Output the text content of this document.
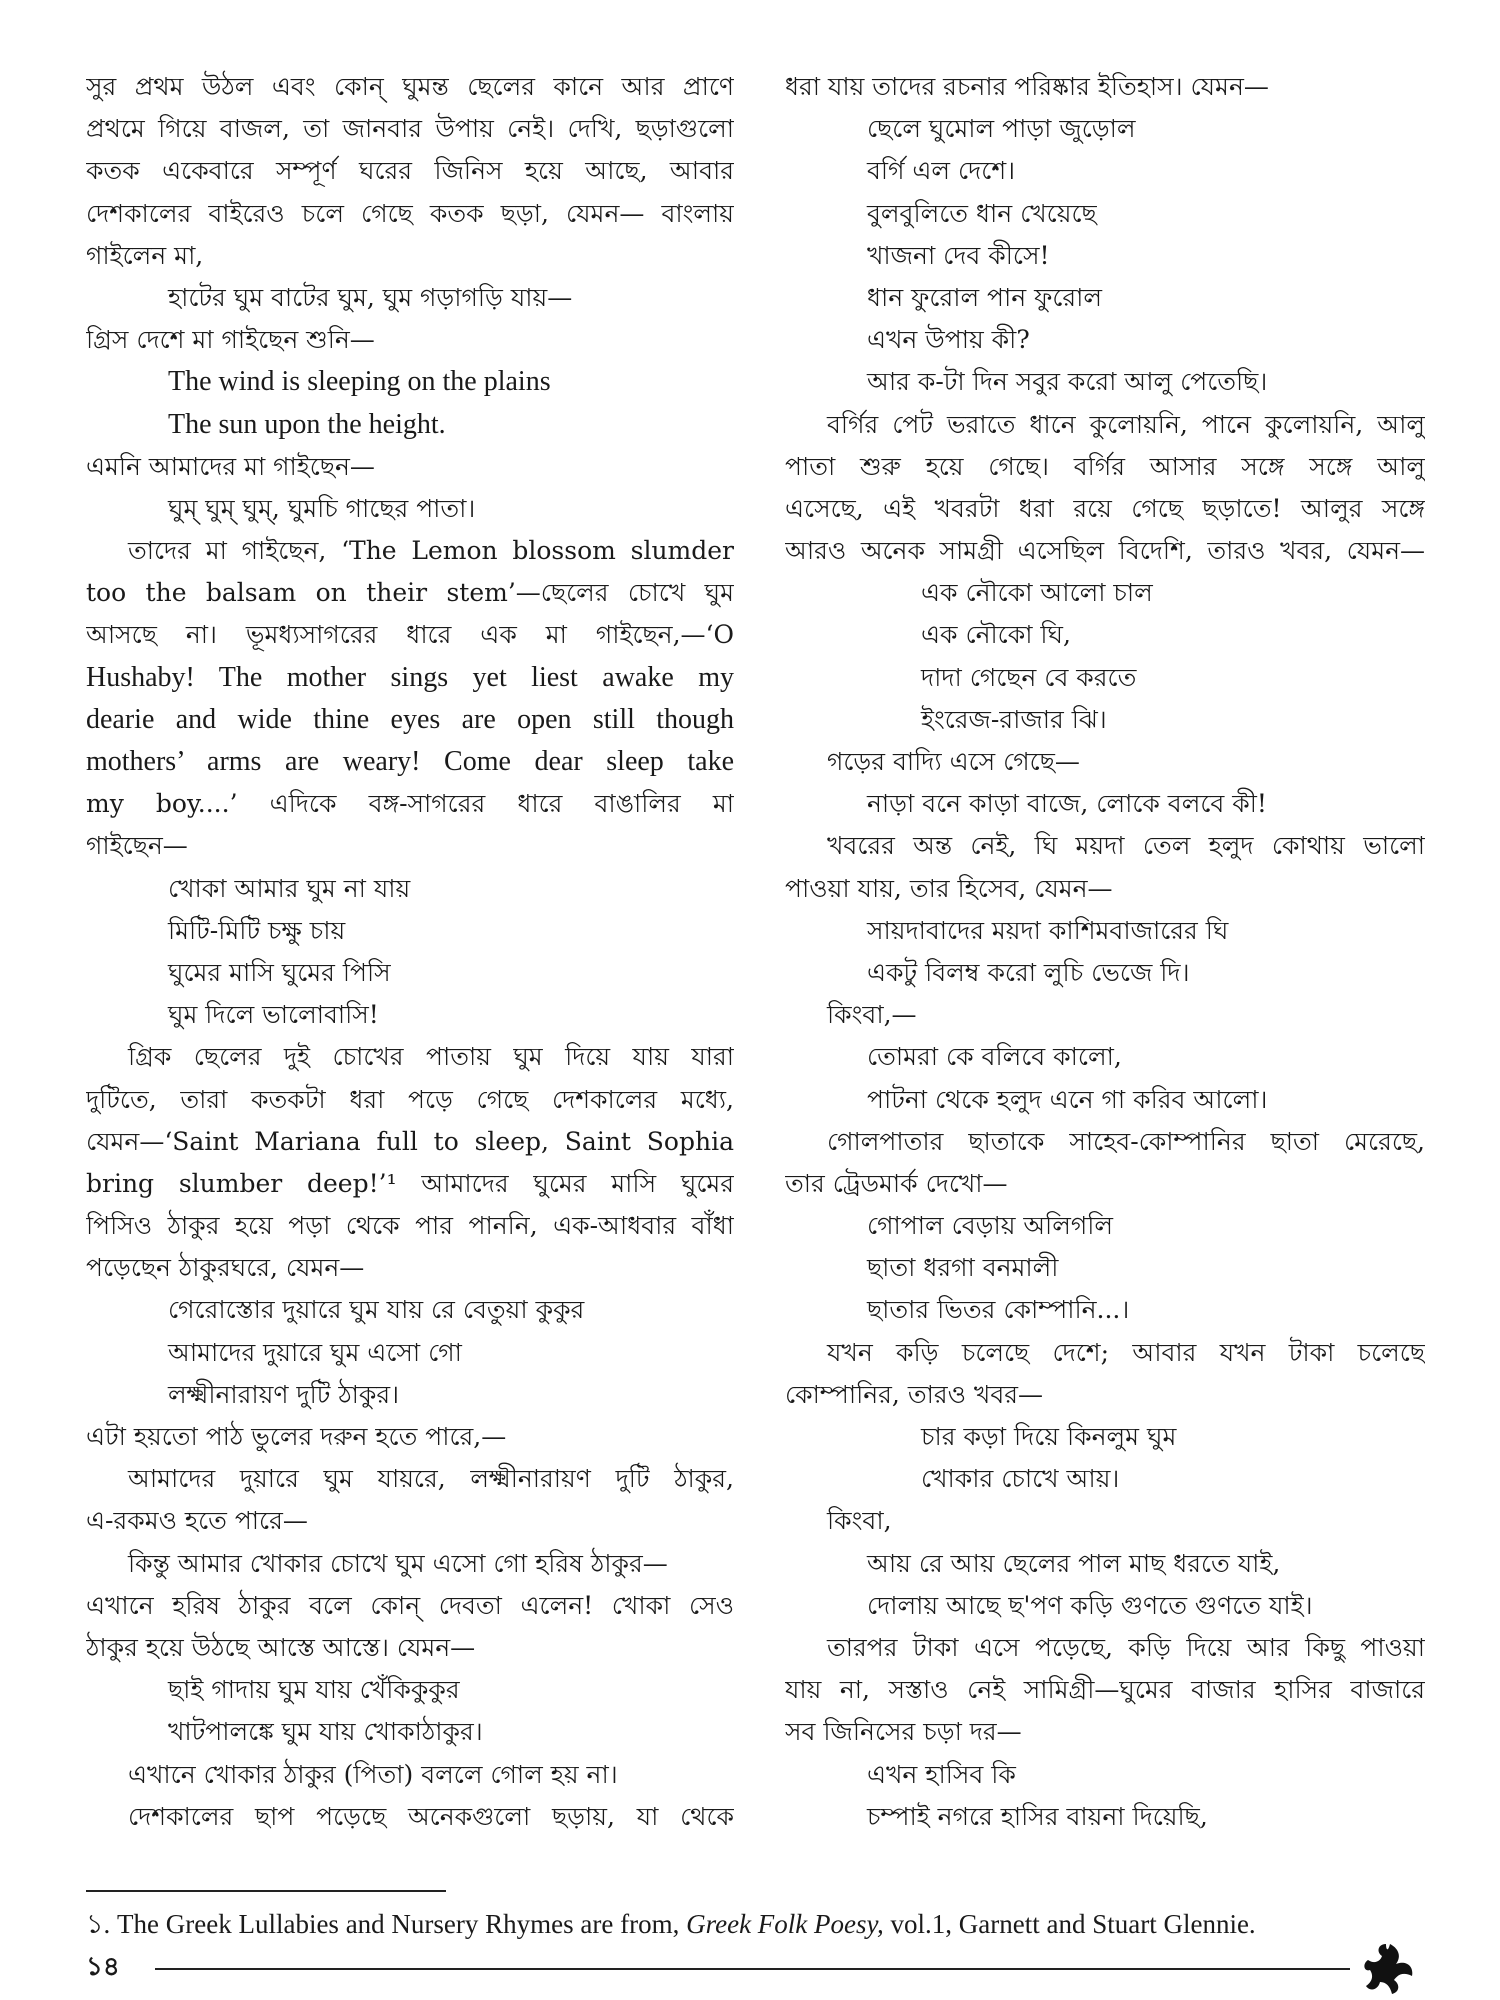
সুর প্রথম উঠল এবং কোন্ ঘুমন্ত ছেলের কানে আর প্রাণে
প্রথমে গিয়ে বাজল, তা জানবার উপায় নেই। দেখি, ছড়াগুলো
কতক একেবারে সম্পূর্ণ ঘরের জিনিস হয়ে আছে, আবার
দেশকালের বাইরেও চলে গেছে কতক ছড়া, যেমন— বাংলায়
গাইলেন মা,
হাটের ঘুম বাটের ঘুম, ঘুম গড়াগড়ি যায়—
গ্রিস দেশে মা গাইছেন শুনি—
The wind is sleeping on the plains
The sun upon the height.
এমনি আমাদের মা গাইছেন—
ঘুম্ ঘুম্ ঘুম্, ঘুমচি গাছের পাতা।
তাদের মা গাইছেন, ‘The Lemon blossom slumder
too the balsam on their stem’—ছেলের চোখে ঘুম
আসছে না। ভূমধ্যসাগরের ধারে এক মা গাইছেন,—‘O
Hushaby! The mother sings yet liest awake my
dearie and wide thine eyes are open still though
mothers’ arms are weary! Come dear sleep take
my boy....’ এদিকে বঙ্গ-সাগরের ধারে বাঙালির মা
গাইছেন—
খোকা আমার ঘুম না যায়
মিটি-মিটি চক্ষু চায়
ঘুমের মাসি ঘুমের পিসি
ঘুম দিলে ভালোবাসি!
গ্রিক ছেলের দুই চোখের পাতায় ঘুম দিয়ে যায় যারা
দুটিতে, তারা কতকটা ধরা পড়ে গেছে দেশকালের মধ্যে,
যেমন—‘Saint Mariana full to sleep, Saint Sophia
bring slumber deep!’¹ আমাদের ঘুমের মাসি ঘুমের
পিসিও ঠাকুর হয়ে পড়া থেকে পার পাননি, এক-আধবার বাঁধা
পড়েছেন ঠাকুরঘরে, যেমন—
গেরোস্তোর দুয়ারে ঘুম যায় রে বেতুয়া কুকুর
আমাদের দুয়ারে ঘুম এসো গো
লক্ষ্মীনারায়ণ দুটি ঠাকুর।
এটা হয়তো পাঠ ভুলের দরুন হতে পারে,—
আমাদের দুয়ারে ঘুম যায়রে, লক্ষ্মীনারায়ণ দুটি ঠাকুর,
এ-রকমও হতে পারে—
কিন্তু আমার খোকার চোখে ঘুম এসো গো হরিষ ঠাকুর—
এখানে হরিষ ঠাকুর বলে কোন্ দেবতা এলেন! খোকা সেও
ঠাকুর হয়ে উঠছে আস্তে আস্তে। যেমন—
ছাই গাদায় ঘুম যায় খেঁকিকুকুর
খাটপালঙ্কে ঘুম যায় খোকাঠাকুর।
এখানে খোকার ঠাকুর (পিতা) বললে গোল হয় না।
দেশকালের ছাপ পড়েছে অনেকগুলো ছড়ায়, যা থেকে
ধরা যায় তাদের রচনার পরিষ্কার ইতিহাস। যেমন—
ছেলে ঘুমোল পাড়া জুড়োল
বর্গি এল দেশে।
বুলবুলিতে ধান খেয়েছে
খাজনা দেব কীসে!
ধান ফুরোল পান ফুরোল
এখন উপায় কী?
আর ক-টা দিন সবুর করো আলু পেতেছি।
বর্গির পেট ভরাতে ধানে কুলোয়নি, পানে কুলোয়নি, আলু
পাতা শুরু হয়ে গেছে। বর্গির আসার সঙ্গে সঙ্গে আলু
এসেছে, এই খবরটা ধরা রয়ে গেছে ছড়াতে! আলুর সঙ্গে
আরও অনেক সামগ্রী এসেছিল বিদেশি, তারও খবর, যেমন—
এক নৌকো আলো চাল
এক নৌকো ঘি,
দাদা গেছেন বে করতে
ইংরেজ-রাজার ঝি।
গড়ের বাদ্যি এসে গেছে—
নাড়া বনে কাড়া বাজে, লোকে বলবে কী!
খবরের অন্ত নেই, ঘি ময়দা তেল হলুদ কোথায় ভালো
পাওয়া যায়, তার হিসেব, যেমন—
সায়দাবাদের ময়দা কাশিমবাজারের ঘি
একটু বিলম্ব করো লুচি ভেজে দি।
কিংবা,—
তোমরা কে বলিবে কালো,
পাটনা থেকে হলুদ এনে গা করিব আলো।
গোলপাতার ছাতাকে সাহেব-কোম্পানির ছাতা মেরেছে,
তার ট্রেডমার্ক দেখো—
গোপাল বেড়ায় অলিগলি
ছাতা ধরগা বনমালী
ছাতার ভিতর কোম্পানি...।
যখন কড়ি চলেছে দেশে; আবার যখন টাকা চলেছে
কোম্পানির, তারও খবর—
চার কড়া দিয়ে কিনলুম ঘুম
খোকার চোখে আয়।
কিংবা,
আয় রে আয় ছেলের পাল মাছ ধরতে যাই,
দোলায় আছে ছ'পণ কড়ি গুণতে গুণতে যাই।
তারপর টাকা এসে পড়েছে, কড়ি দিয়ে আর কিছু পাওয়া
যায় না, সস্তাও নেই সামিগ্রী—ঘুমের বাজার হাসির বাজারে
সব জিনিসের চড়া দর—
এখন হাসিব কি
চম্পাই নগরে হাসির বায়না দিয়েছি,
১. The Greek Lullabies and Nursery Rhymes are from, Greek Folk Poesy, vol.1, Garnett and Stuart Glennie.
১৪
